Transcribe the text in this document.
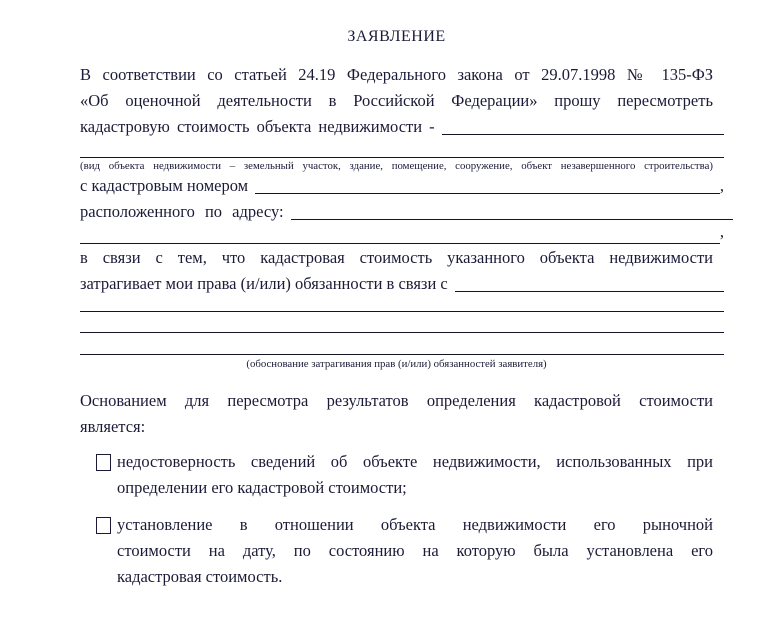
ЗАЯВЛЕНИЕ
В соответствии со статьей 24.19 Федерального закона от 29.07.1998 № 135-ФЗ
«Об оценочной деятельности в Российской Федерации» прошу пересмотреть
кадастровую стоимость объекта недвижимости -
(вид объекта недвижимости – земельный участок, здание, помещение, сооружение, объект незавершенного строительства)
с кадастровым номером	,
расположенного по адресу:
,
в связи с тем, что кадастровая стоимость указанного объекта недвижимости
затрагивает мои права (и/или) обязанности в связи с
(обоснование затрагивания прав (и/или) обязанностей заявителя)
Основанием для пересмотра результатов определения кадастровой стоимости
является:
недостоверность сведений об объекте недвижимости, использованных при
определении его кадастровой стоимости;
установление в отношении объекта недвижимости его рыночной
стоимости на дату, по состоянию на которую была установлена его
кадастровая стоимость.
